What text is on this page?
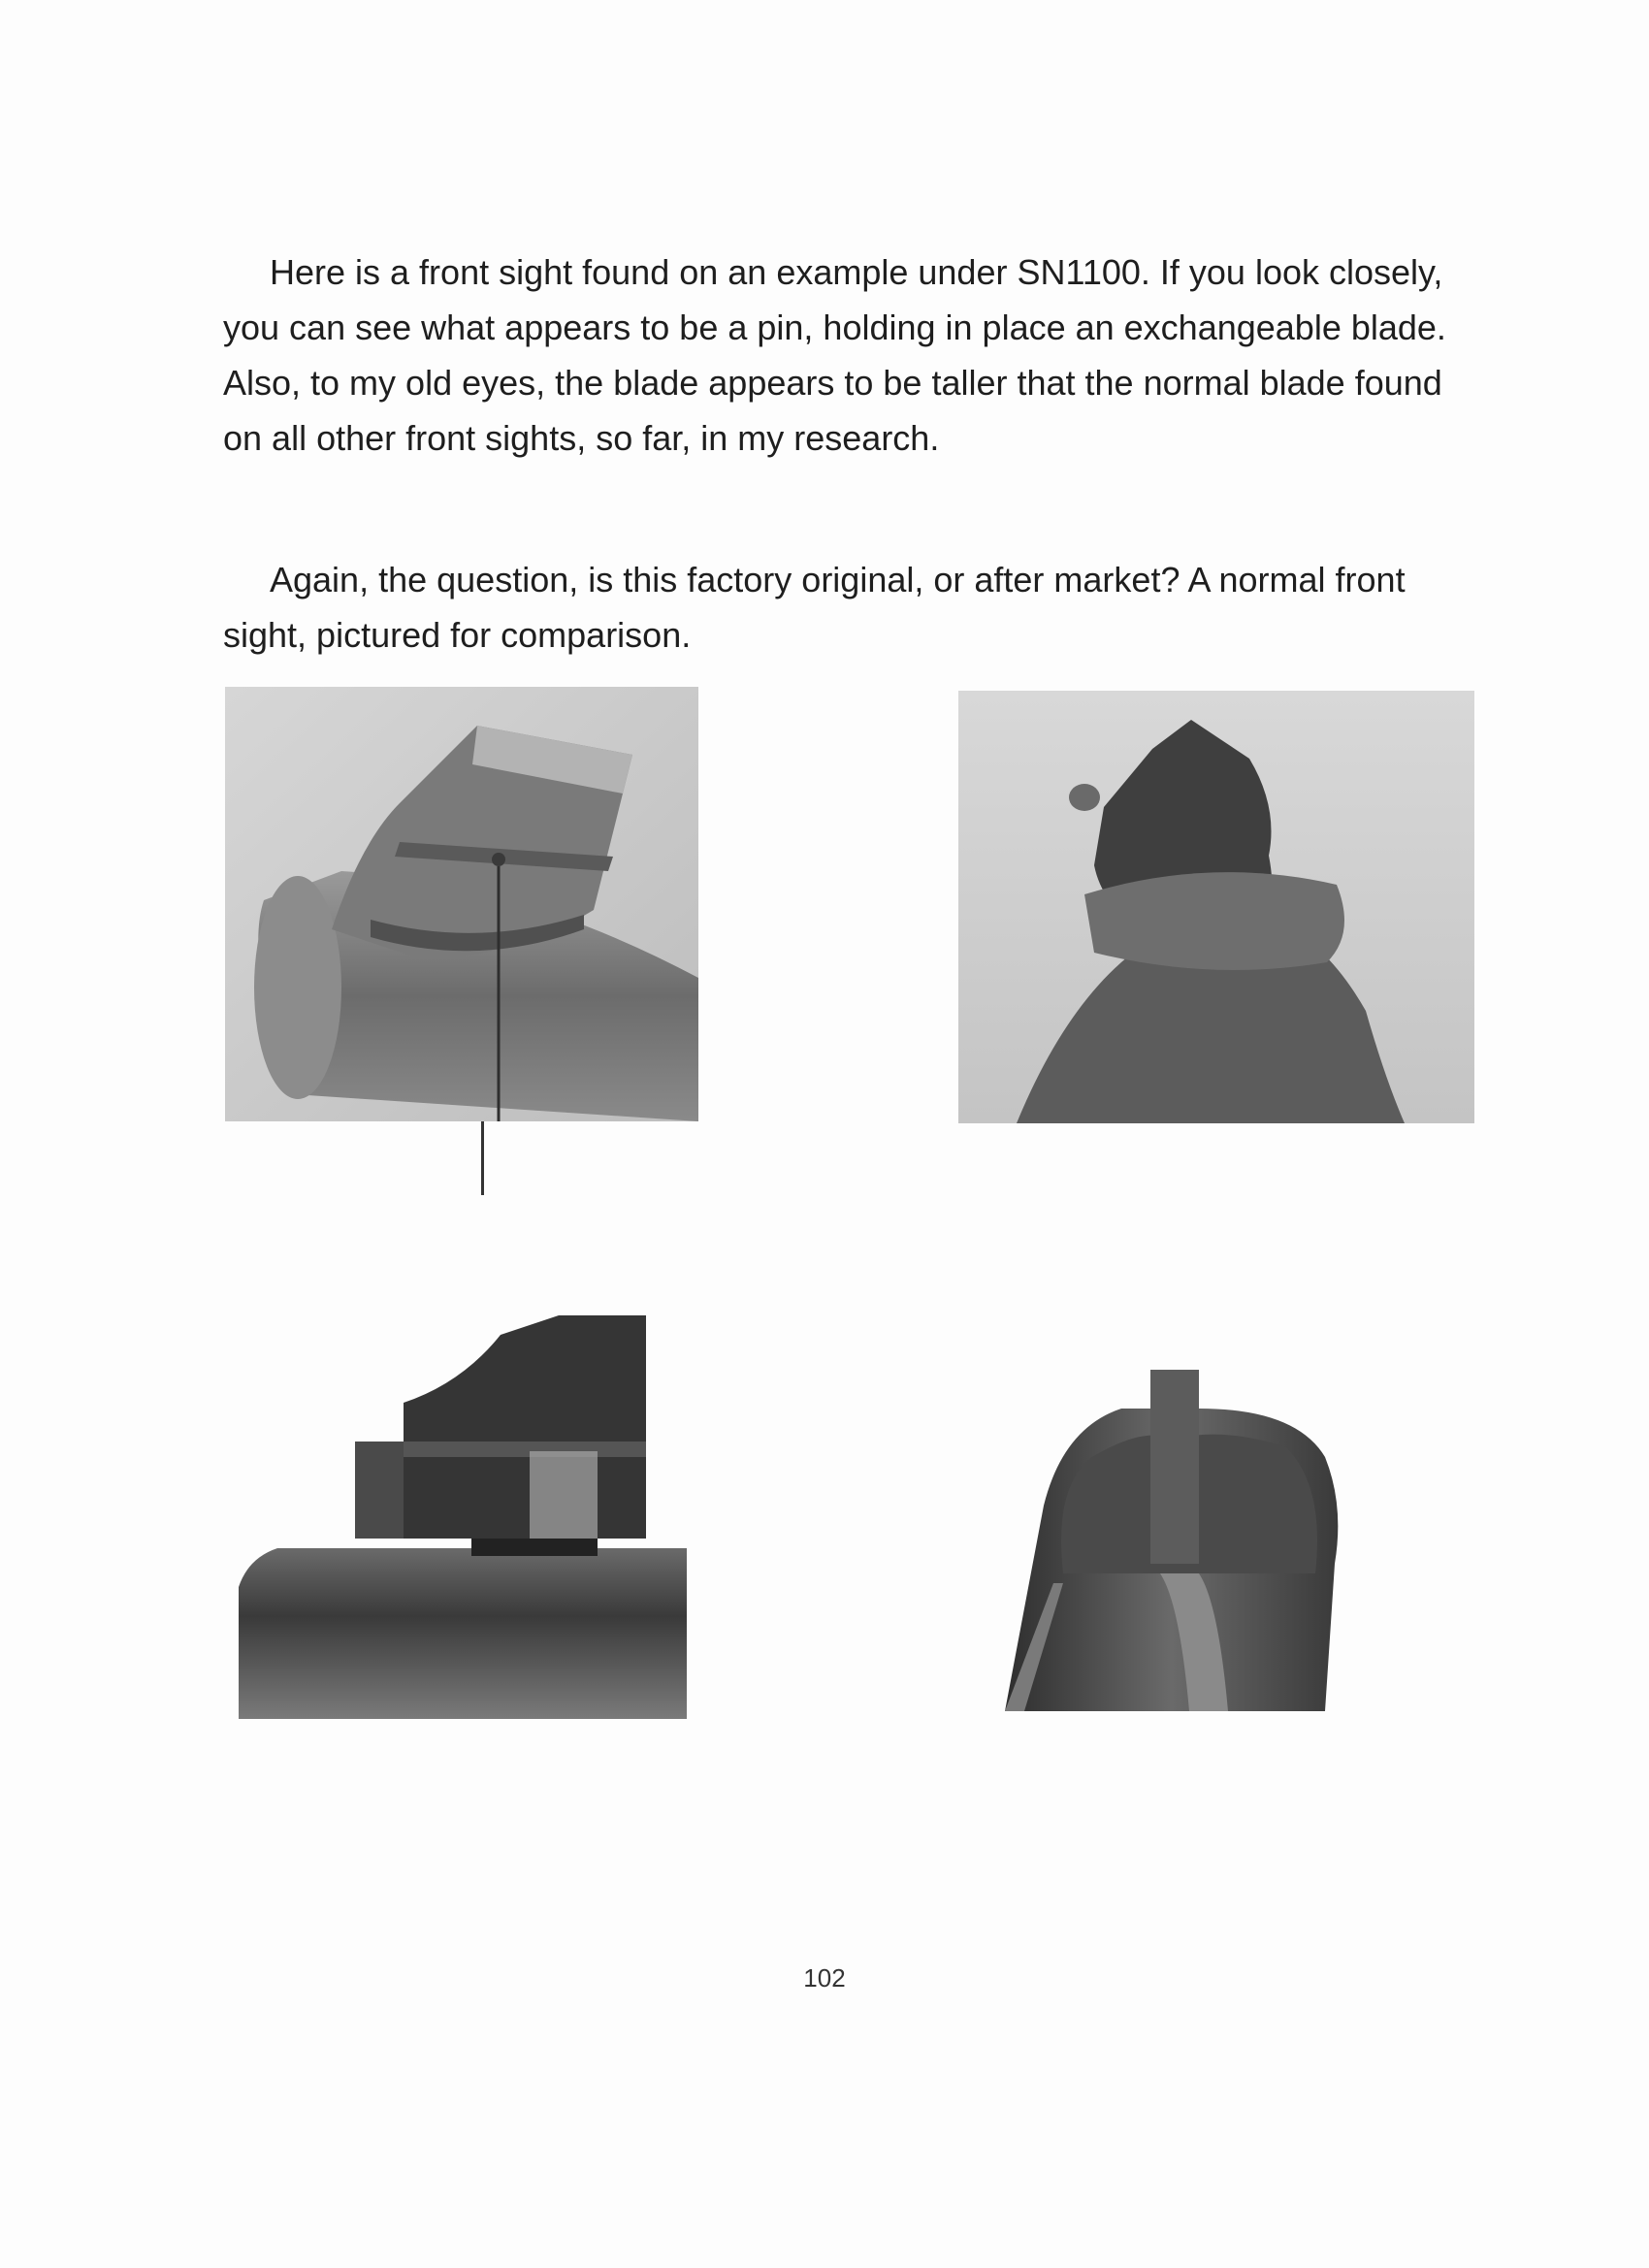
Here is a front sight found on an example under SN1100. If you look closely, you can see what appears to be a pin, holding in place an exchangeable blade. Also, to my old eyes, the blade appears to be taller that the normal blade found on all other front sights, so far, in my research.

Again, the question, is this factory original, or after market? A normal front sight, pictured for comparison.

102
